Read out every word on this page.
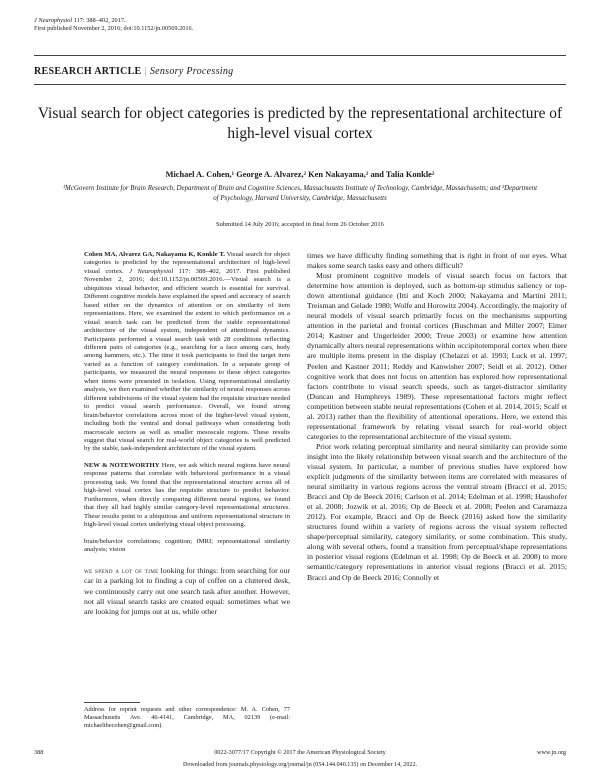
J Neurophysiol 117: 388–402, 2017.
First published November 2, 2016; doi:10.1152/jn.00569.2016.
RESEARCH ARTICLE | Sensory Processing
Visual search for object categories is predicted by the representational architecture of high-level visual cortex
Michael A. Cohen,¹ George A. Alvarez,² Ken Nakayama,² and Talia Konkle²
¹McGovern Institute for Brain Research, Department of Brain and Cognitive Sciences, Massachusetts Institute of Technology, Cambridge, Massachusetts; and ²Department of Psychology, Harvard University, Cambridge, Massachusetts
Submitted 14 July 2016; accepted in final form 26 October 2016

Cohen MA, Alvarez GA, Nakayama K, Konkle T. Visual search for object categories is predicted by the representational architecture of high-level visual cortex. J Neurophysiol 117: 388–402, 2017. First published November 2, 2016; doi:10.1152/jn.00569.2016.—Visual search is a ubiquitous visual behavior, and efficient search is essential for survival. Different cognitive models have explained the speed and accuracy of search based either on the dynamics of attention or on similarity of item representations. Here, we examined the extent to which performance on a visual search task can be predicted from the stable representational architecture of the visual system, independent of attentional dynamics. Participants performed a visual search task with 28 conditions reflecting different pairs of categories (e.g., searching for a face among cars, body among hammers, etc.). The time it took participants to find the target item varied as a function of category combination. In a separate group of participants, we measured the neural responses to these object categories when items were presented in isolation. Using representational similarity analysis, we then examined whether the similarity of neural responses across different subdivisions of the visual system had the requisite structure needed to predict visual search performance. Overall, we found strong brain/behavior correlations across most of the higher-level visual system, including both the ventral and dorsal pathways when considering both macroscale sectors as well as smaller mesoscale regions. These results suggest that visual search for real-world object categories is well predicted by the stable, task-independent architecture of the visual system.

NEW & NOTEWORTHY Here, we ask which neural regions have neural response patterns that correlate with behavioral performance in a visual processing task. We found that the representational structure across all of high-level visual cortex has the requisite structure to predict behavior. Furthermore, when directly comparing different neural regions, we found that they all had highly similar category-level representational structures. These results point to a ubiquitous and uniform representational structure in high-level visual cortex underlying visual object processing.

brain/behavior correlations; cognition; fMRI; representational similarity analysis; vision

we spend a lot of time looking for things: from searching for our car in a parking lot to finding a cup of coffee on a cluttered desk, we continuously carry out one search task after another. However, not all visual search tasks are created equal: sometimes what we are looking for jumps out at us, while other

Address for reprint requests and other correspondence: M. A. Cohen, 77 Massachusetts Ave. 46-4141, Cambridge, MA, 02139 (e-mail: michaelthecohen@gmail.com).

times we have difficulty finding something that is right in front of our eyes. What makes some search tasks easy and others difficult?

Most prominent cognitive models of visual search focus on factors that determine how attention is deployed, such as bottom-up stimulus saliency or top-down attentional guidance (Itti and Koch 2000; Nakayama and Martini 2011; Treisman and Gelade 1980; Wolfe and Horowitz 2004). Accordingly, the majority of neural models of visual search primarily focus on the mechanisms supporting attention in the parietal and frontal cortices (Buschman and Miller 2007; Eimer 2014; Kastner and Ungerleider 2000; Treue 2003) or examine how attention dynamically alters neural representations within occipitotemporal cortex when there are multiple items present in the display (Chelazzi et al. 1993; Luck et al. 1997; Peelen and Kastner 2011; Reddy and Kanwisher 2007; Seidl et al. 2012). Other cognitive work that does not focus on attention has explored how representational factors contribute to visual search speeds, such as target-distractor similarity (Duncan and Humphreys 1989). These representational factors might reflect competition between stable neural representations (Cohen et al. 2014, 2015; Scalf et al. 2013) rather than the flexibility of attentional operations. Here, we extend this representational framework by relating visual search for real-world object categories to the representational architecture of the visual system.

Prior work relating perceptual similarity and neural similarity can provide some insight into the likely relationship between visual search and the architecture of the visual system. In particular, a number of previous studies have explored how explicit judgments of the similarity between items are correlated with measures of neural similarity in various regions across the ventral stream (Bracci et al. 2015; Bracci and Op de Beeck 2016; Carlson et al. 2014; Edelman et al. 1998; Haushofer et al. 2008; Jozwik et al. 2016; Op de Beeck et al. 2008; Peelen and Caramazza 2012). For example, Bracci and Op de Beeck (2016) asked how the similarity structures found within a variety of regions across the visual system reflected shape/perceptual similarity, category similarity, or some combination. This study, along with several others, found a transition from perceptual/shape representations in posterior visual regions (Edelman et al. 1998; Op de Beeck et al. 2008) to more semantic/category representations in anterior visual regions (Bracci et al. 2015; Bracci and Op de Beeck 2016; Connolly et

388	0022-3077/17 Copyright © 2017 the American Physiological Society	www.jn.org
Downloaded from journals.physiology.org/journal/jn (054.144.040.135) on December 14, 2022.
